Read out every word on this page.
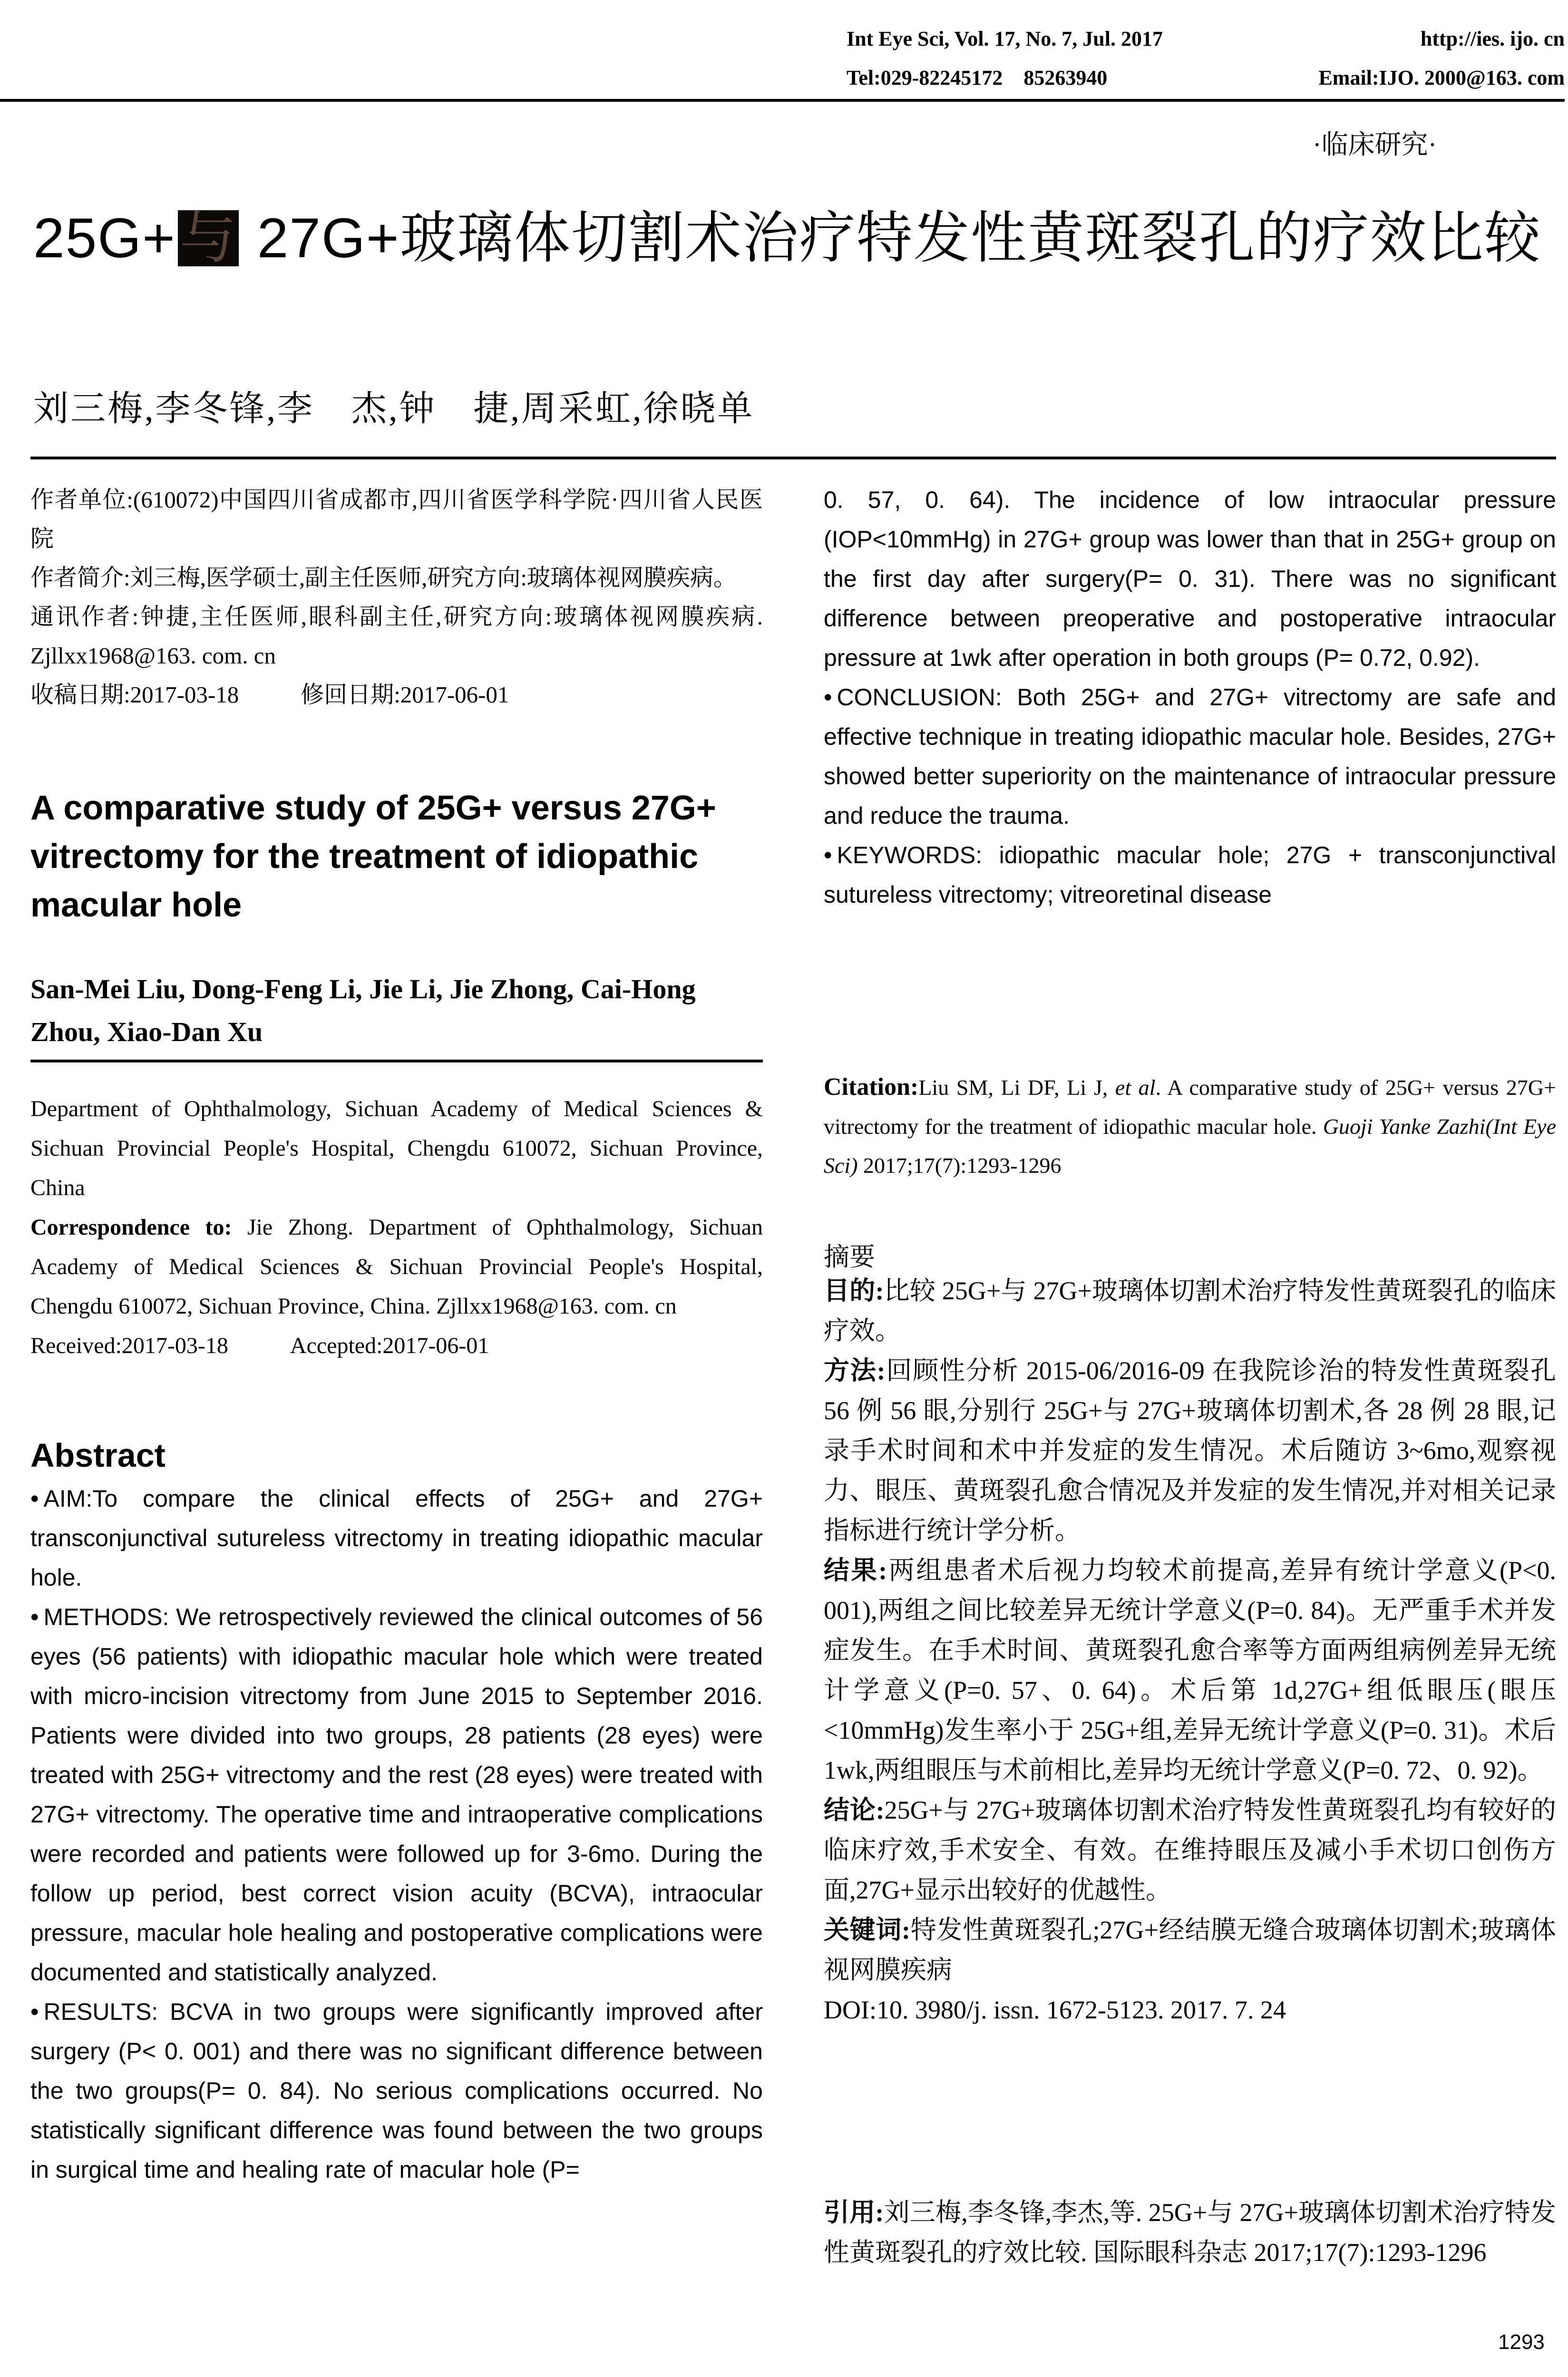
Int Eye Sci, Vol. 17, No. 7, Jul. 2017	http://ies. ijo. cn
Tel:029-82245172    85263940	Email:IJO. 2000@163. com
·临床研究·
25G+与 27G+玻璃体切割术治疗特发性黄斑裂孔的疗效比较
刘三梅,李冬锋,李　杰,钟　捷,周采虹,徐晓单

作者单位:(610072)中国四川省成都市,四川省医学科学院·四川省人民医院

作者简介:刘三梅,医学硕士,副主任医师,研究方向:玻璃体视网膜疾病。

通讯作者:钟捷,主任医师,眼科副主任,研究方向:玻璃体视网膜疾病. Zjllxx1968@163. com. cn

收稿日期:2017-03-18	修回日期:2017-06-01

A comparative study of 25G+ versus 27G+ vitrectomy for the treatment of idiopathic macular hole
San-Mei Liu, Dong-Feng Li, Jie Li, Jie Zhong, Cai-Hong Zhou, Xiao-Dan Xu

Department of Ophthalmology, Sichuan Academy of Medical Sciences & Sichuan Provincial People's Hospital, Chengdu 610072, Sichuan Province, China

Correspondence to: Jie Zhong. Department of Ophthalmology, Sichuan Academy of Medical Sciences & Sichuan Provincial People's Hospital, Chengdu 610072, Sichuan Province, China. Zjllxx1968@163. com. cn

Received:2017-03-18	Accepted:2017-06-01

Abstract

• AIM:To compare the clinical effects of 25G+ and 27G+ transconjunctival sutureless vitrectomy in treating idiopathic macular hole.

• METHODS: We retrospectively reviewed the clinical outcomes of 56 eyes (56 patients) with idiopathic macular hole which were treated with micro-incision vitrectomy from June 2015 to September 2016. Patients were divided into two groups, 28 patients (28 eyes) were treated with 25G+ vitrectomy and the rest (28 eyes) were treated with 27G+ vitrectomy. The operative time and intraoperative complications were recorded and patients were followed up for 3-6mo. During the follow up period, best correct vision acuity (BCVA), intraocular pressure, macular hole healing and postoperative complications were documented and statistically analyzed.

• RESULTS: BCVA in two groups were significantly improved after surgery (P< 0. 001) and there was no significant difference between the two groups(P= 0. 84). No serious complications occurred. No statistically significant difference was found between the two groups in surgical time and healing rate of macular hole (P=

0. 57, 0. 64). The incidence of low intraocular pressure (IOP<10mmHg) in 27G+ group was lower than that in 25G+ group on the first day after surgery(P= 0. 31). There was no significant difference between preoperative and postoperative intraocular pressure at 1wk after operation in both groups (P= 0.72, 0.92).

• CONCLUSION: Both 25G+ and 27G+ vitrectomy are safe and effective technique in treating idiopathic macular hole. Besides, 27G+ showed better superiority on the maintenance of intraocular pressure and reduce the trauma.

• KEYWORDS: idiopathic macular hole; 27G + transconjunctival sutureless vitrectomy; vitreoretinal disease

Citation:Liu SM, Li DF, Li J, et al. A comparative study of 25G+ versus 27G+ vitrectomy for the treatment of idiopathic macular hole. Guoji Yanke Zazhi(Int Eye Sci) 2017;17(7):1293-1296
摘要

目的:比较 25G+与 27G+玻璃体切割术治疗特发性黄斑裂孔的临床疗效。

方法:回顾性分析 2015-06/2016-09 在我院诊治的特发性黄斑裂孔 56 例 56 眼,分别行 25G+与 27G+玻璃体切割术,各 28 例 28 眼,记录手术时间和术中并发症的发生情况。术后随访 3~6mo,观察视力、眼压、黄斑裂孔愈合情况及并发症的发生情况,并对相关记录指标进行统计学分析。

结果:两组患者术后视力均较术前提高,差异有统计学意义(P<0. 001),两组之间比较差异无统计学意义(P=0. 84)。无严重手术并发症发生。在手术时间、黄斑裂孔愈合率等方面两组病例差异无统计学意义(P=0. 57、0. 64)。术后第 1d,27G+组低眼压(眼压<10mmHg)发生率小于 25G+组,差异无统计学意义(P=0. 31)。术后 1wk,两组眼压与术前相比,差异均无统计学意义(P=0. 72、0. 92)。

结论:25G+与 27G+玻璃体切割术治疗特发性黄斑裂孔均有较好的临床疗效,手术安全、有效。在维持眼压及减小手术切口创伤方面,27G+显示出较好的优越性。

关键词:特发性黄斑裂孔;27G+经结膜无缝合玻璃体切割术;玻璃体视网膜疾病

DOI:10. 3980/j. issn. 1672-5123. 2017. 7. 24

引用:刘三梅,李冬锋,李杰,等. 25G+与 27G+玻璃体切割术治疗特发性黄斑裂孔的疗效比较. 国际眼科杂志 2017;17(7):1293-1296
1293
